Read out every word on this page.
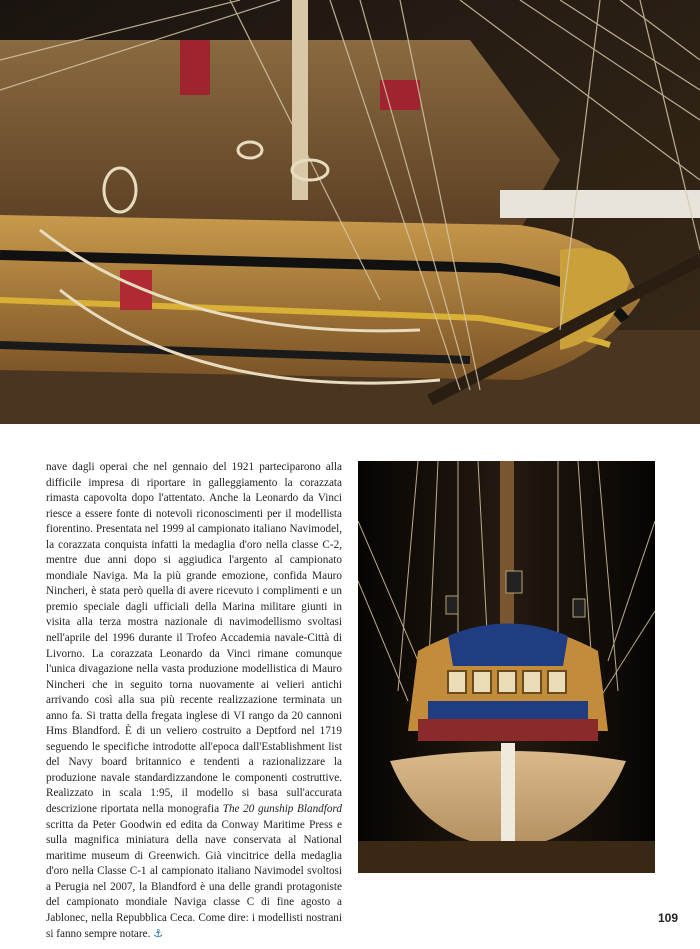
nave dagli operai che nel gennaio del 1921 parteciparono alla difficile impresa di riportare in galleggiamento la corazzata rimasta capovolta dopo l'attentato. Anche la Leonardo da Vinci riesce a essere fonte di notevoli riconoscimenti per il modellista fiorentino. Presentata nel 1999 al campionato italiano Navimodel, la corazzata conquista infatti la medaglia d'oro nella classe C-2, mentre due anni dopo si aggiudica l'argento al campionato mondiale Naviga. Ma la più grande emozione, confida Mauro Nincheri, è stata però quella di avere ricevuto i complimenti e un premio speciale dagli ufficiali della Marina militare giunti in visita alla terza mostra nazionale di navimodellismo svoltasi nell'aprile del 1996 durante il Trofeo Accademia navale-Città di Livorno. La corazzata Leonardo da Vinci rimane comunque l'unica divagazione nella vasta produzione modellistica di Mauro Nincheri che in seguito torna nuovamente ai velieri antichi arrivando così alla sua più recente realizzazione terminata un anno fa. Si tratta della fregata inglese di VI rango da 20 cannoni Hms Blandford. È di un veliero costruito a Deptford nel 1719 seguendo le specifiche introdotte all'epoca dall'Establishment list del Navy board britannico e tendenti a razionalizzare la produzione navale standardizzandone le componenti costruttive. Realizzato in scala 1:95, il modello si basa sull'accurata descrizione riportata nella monografia The 20 gunship Blandford scritta da Peter Goodwin ed edita da Conway Maritime Press e sulla magnifica miniatura della nave conservata al National maritime museum di Greenwich. Già vincitrice della medaglia d'oro nella Classe C-1 al campionato italiano Navimodel svoltosi a Perugia nel 2007, la Blandford è una delle grandi protagoniste del campionato mondiale Naviga classe C di fine agosto a Jablonec, nella Repubblica Ceca. Come dire: i modellisti nostrani si fanno sempre notare. ⚓

109
